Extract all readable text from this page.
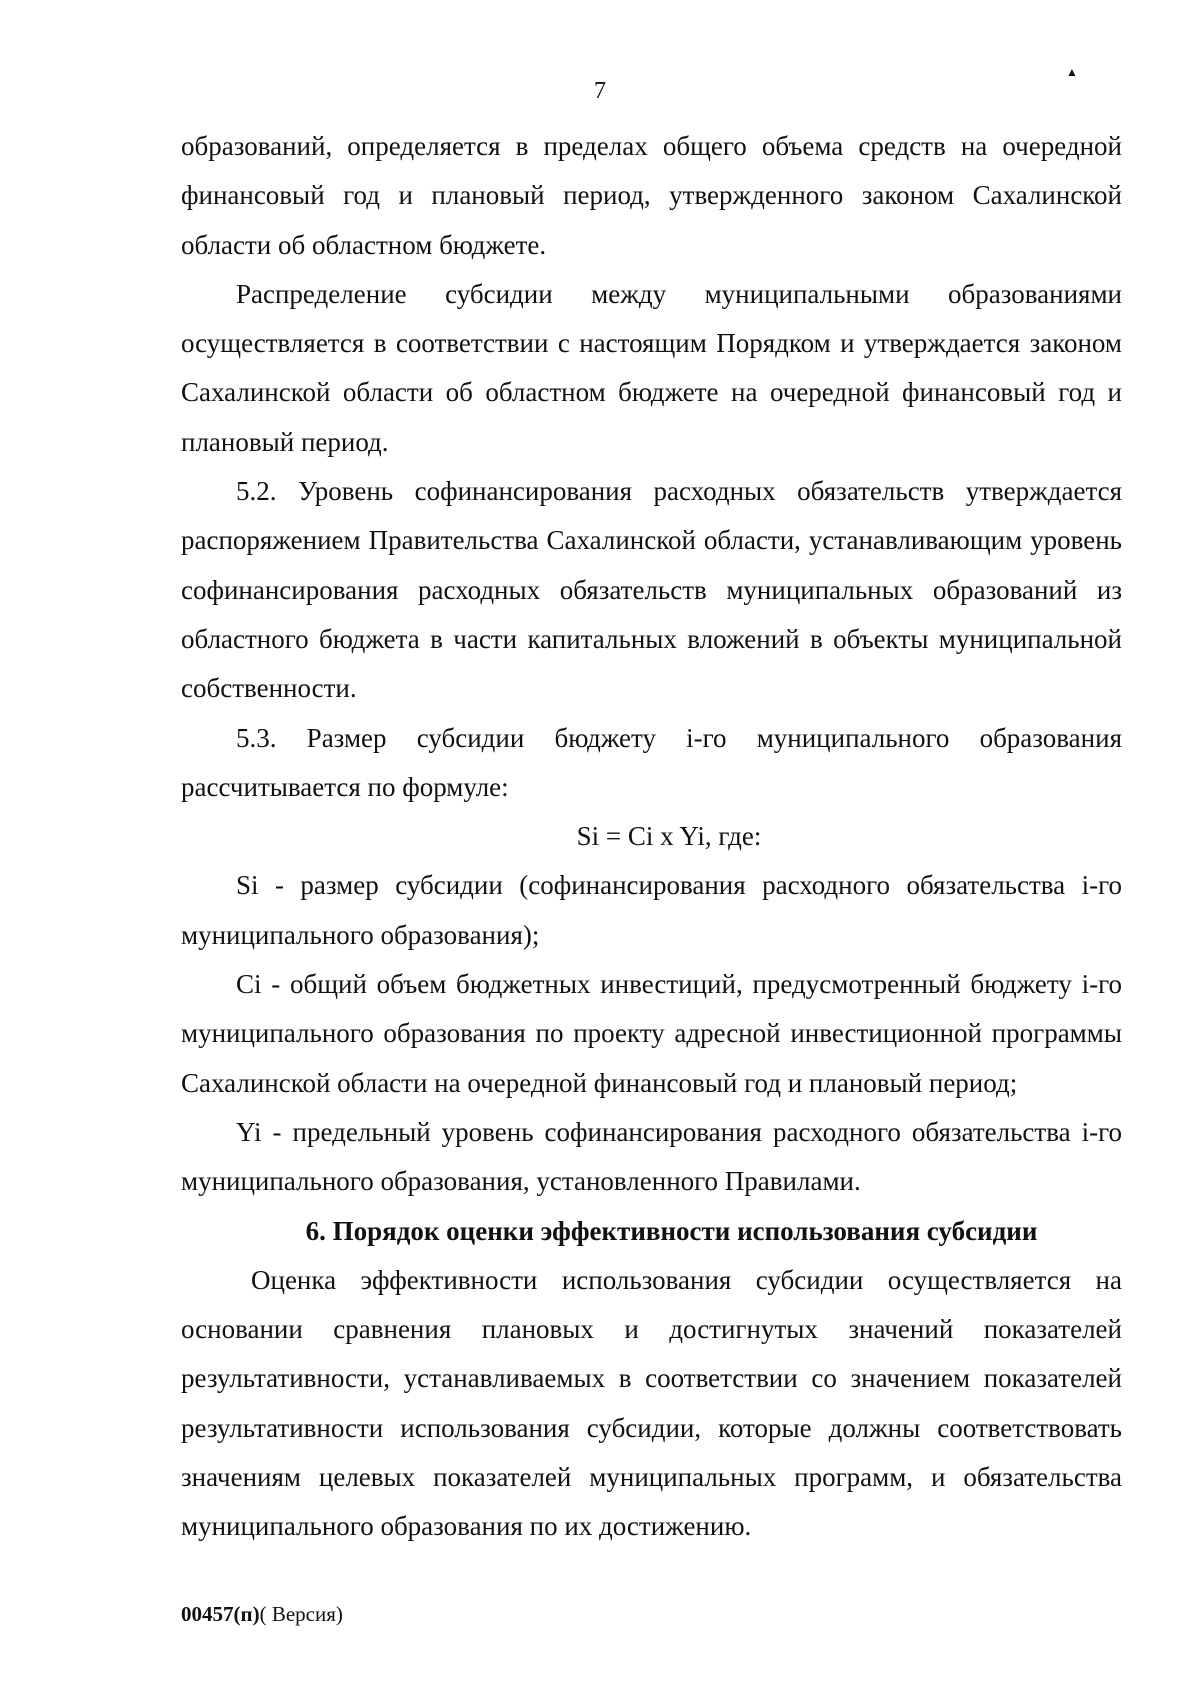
7
▲

образований, определяется в пределах общего объема средств на очередной финансовый год и плановый период, утвержденного законом Сахалинской области об областном бюджете.

Распределение субсидии между муниципальными образованиями осуществляется в соответствии с настоящим Порядком и утверждается законом Сахалинской области об областном бюджете на очередной финансовый год и плановый период.

5.2. Уровень софинансирования расходных обязательств утверждается распоряжением Правительства Сахалинской области, устанавливающим уровень софинансирования расходных обязательств муниципальных образований из областного бюджета в части капитальных вложений в объекты муниципальной собственности.

5.3. Размер субсидии бюджету i-го муниципального образования рассчитывается по формуле:

Si = Ci x Yi, где:

Si - размер субсидии (софинансирования расходного обязательства i-го муниципального образования);

Ci - общий объем бюджетных инвестиций, предусмотренный бюджету i-го муниципального образования по проекту адресной инвестиционной программы Сахалинской области на очередной финансовый год и плановый период;

Yi - предельный уровень софинансирования расходного обязательства i-го муниципального образования, установленного Правилами.

6. Порядок оценки эффективности использования субсидии

Оценка эффективности использования субсидии осуществляется на основании сравнения плановых и достигнутых значений показателей результативности, устанавливаемых в соответствии со значением показателей результативности использования субсидии, которые должны соответствовать значениям целевых показателей муниципальных программ, и обязательства муниципального образования по их достижению.

00457(п)( Версия)
